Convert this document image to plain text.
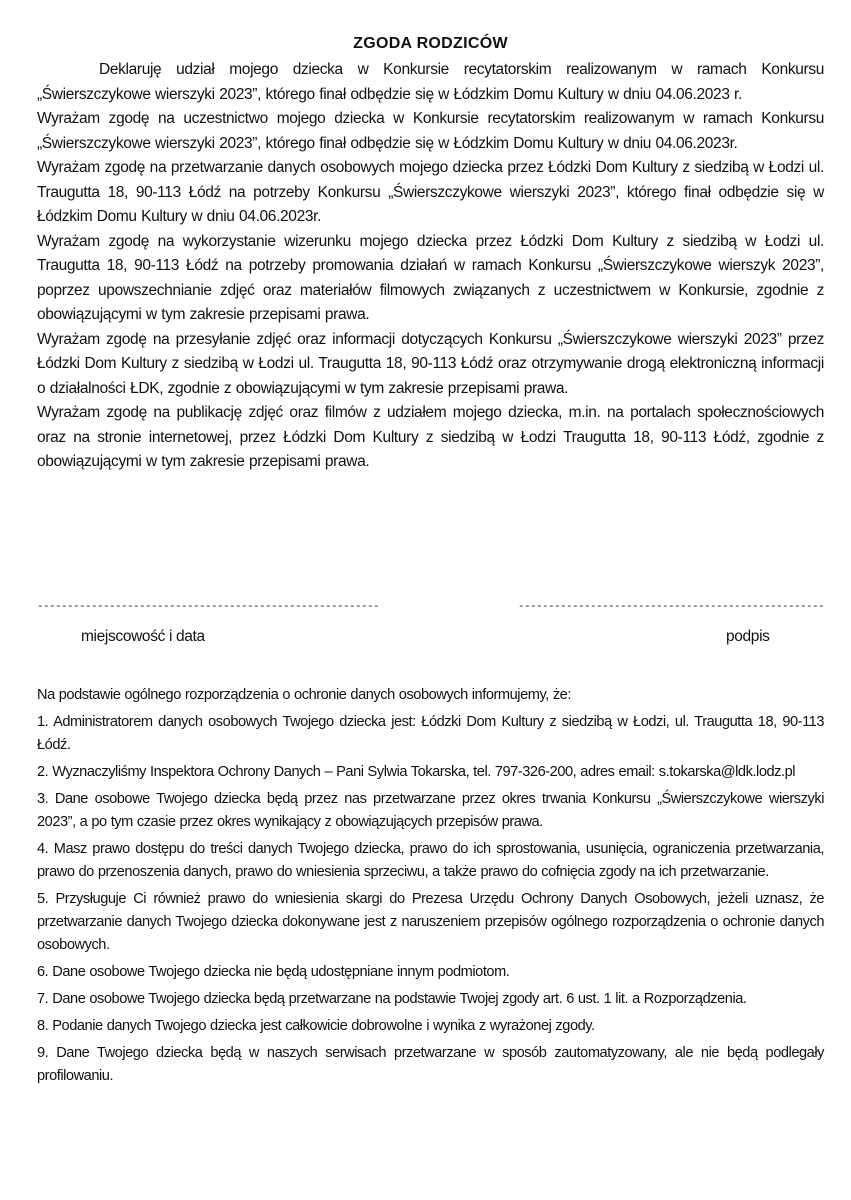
ZGODA RODZICÓW

Deklaruję udział mojego dziecka w Konkursie recytatorskim realizowanym w ramach Konkursu „Świerszczykowe wierszyki 2023”, którego finał odbędzie się w Łódzkim Domu Kultury w dniu 04.06.2023 r.

Wyrażam zgodę na uczestnictwo mojego dziecka w Konkursie recytatorskim realizowanym w ramach Konkursu „Świerszczykowe wierszyki 2023”, którego finał odbędzie się w Łódzkim Domu Kultury w dniu 04.06.2023r.

Wyrażam zgodę na przetwarzanie danych osobowych mojego dziecka przez Łódzki Dom Kultury z siedzibą w Łodzi ul. Traugutta 18, 90-113 Łódź na potrzeby Konkursu „Świerszczykowe wierszyki 2023”, którego finał odbędzie się w Łódzkim Domu Kultury w dniu 04.06.2023r.

Wyrażam zgodę na wykorzystanie wizerunku mojego dziecka przez Łódzki Dom Kultury z siedzibą w Łodzi ul. Traugutta 18, 90-113 Łódź na potrzeby promowania działań w ramach Konkursu „Świerszczykowe wierszyk 2023”, poprzez upowszechnianie zdjęć oraz materiałów filmowych związanych z uczestnictwem w Konkursie, zgodnie z obowiązującymi w tym zakresie przepisami prawa.

Wyrażam zgodę na przesyłanie zdjęć oraz informacji dotyczących Konkursu „Świerszczykowe wierszyki 2023” przez Łódzki Dom Kultury z siedzibą w Łodzi ul. Traugutta 18, 90-113 Łódź oraz otrzymywanie drogą elektroniczną informacji o działalności ŁDK, zgodnie z obowiązującymi w tym zakresie przepisami prawa.

Wyrażam zgodę na publikację zdjęć oraz filmów z udziałem mojego dziecka, m.in. na portalach społecznościowych oraz na stronie internetowej, przez Łódzki Dom Kultury z siedzibą w Łodzi Traugutta 18, 90-113 Łódź, zgodnie z obowiązującymi w tym zakresie przepisami prawa.

---------------------------------------------------------	---------------------------------------------------
miejscowość i data	podpis

Na podstawie ogólnego rozporządzenia o ochronie danych osobowych informujemy, że:

1. Administratorem danych osobowych Twojego dziecka jest: Łódzki Dom Kultury z siedzibą w Łodzi, ul. Traugutta 18, 90-113 Łódź.

2. Wyznaczyliśmy Inspektora Ochrony Danych – Pani Sylwia Tokarska, tel. 797-326-200, adres email: s.tokarska@ldk.lodz.pl

3. Dane osobowe Twojego dziecka będą przez nas przetwarzane przez okres trwania Konkursu „Świerszczykowe wierszyki 2023”, a po tym czasie przez okres wynikający z obowiązujących przepisów prawa.

4. Masz prawo dostępu do treści danych Twojego dziecka, prawo do ich sprostowania, usunięcia, ograniczenia przetwarzania, prawo do przenoszenia danych, prawo do wniesienia sprzeciwu, a także prawo do cofnięcia zgody na ich przetwarzanie.

5. Przysługuje Ci również prawo do wniesienia skargi do Prezesa Urzędu Ochrony Danych Osobowych, jeżeli uznasz, że przetwarzanie danych Twojego dziecka dokonywane jest z naruszeniem przepisów ogólnego rozporządzenia o ochronie danych osobowych.

6. Dane osobowe Twojego dziecka nie będą udostępniane innym podmiotom.

7. Dane osobowe Twojego dziecka będą przetwarzane na podstawie Twojej zgody art. 6 ust. 1 lit. a Rozporządzenia.

8. Podanie danych Twojego dziecka jest całkowicie dobrowolne i wynika z wyrażonej zgody.

9. Dane Twojego dziecka będą w naszych serwisach przetwarzane w sposób zautomatyzowany, ale nie będą podlegały profilowaniu.
